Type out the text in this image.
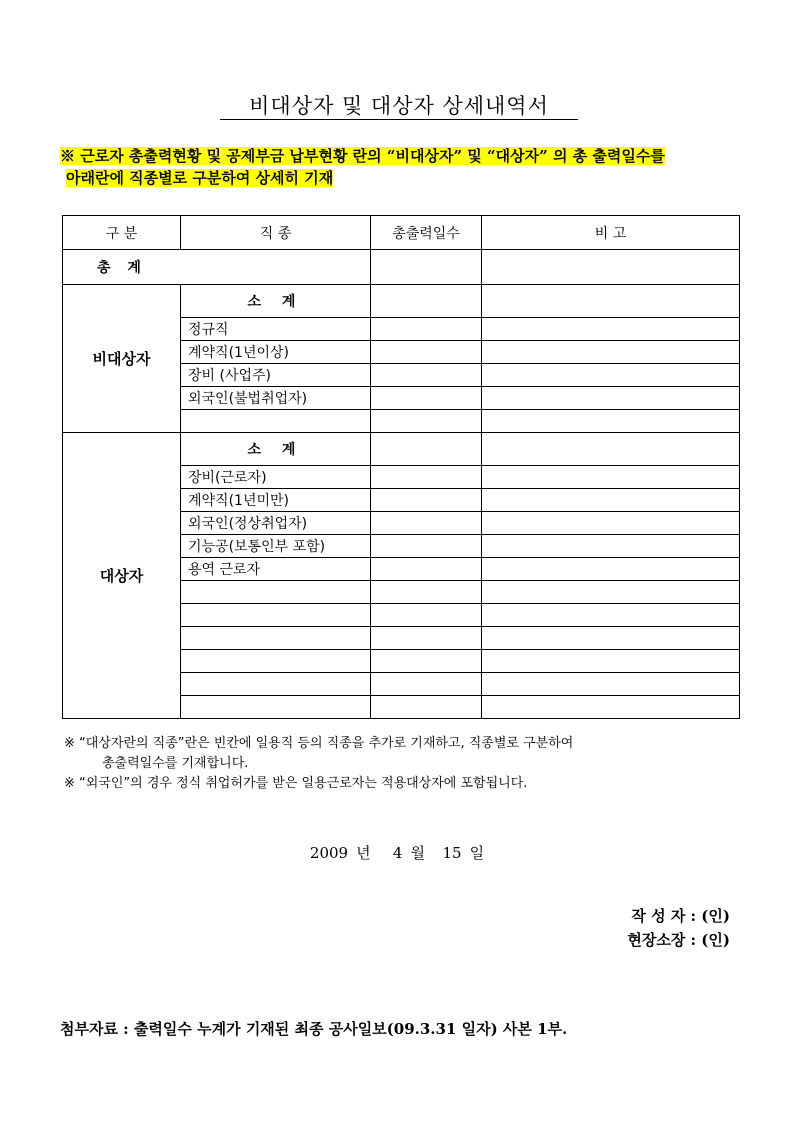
비대상자 및 대상자 상세내역서
※ 근로자 총출력현황 및 공제부금 납부현황 란의 “비대상자” 및 “대상자” 의 총 출력일수를
아래란에 직종별로 구분하여 상세히 기재
구 분	직 종	총출력일수	비 고
총 계			
비대상자	소 계		
	정규직		
	계약직(1년이상)		
	장비 (사업주)		
	외국인(불법취업자)		

대상자	소 계		
	장비(근로자)		
	계약직(1년미만)		
	외국인(정상취업자)		
	기능공(보통인부 포함)		
	용역 근로자		

※ “대상자란의 직종”란은 빈칸에 일용직 등의 직종을 추가로 기재하고, 직종별로 구분하여
총출력일수를 기재합니다.
※ “외국인”의 경우 정식 취업허가를 받은 일용근로자는 적용대상자에 포함됩니다.
2009 년 4 월 15 일
작 성 자 : (인)
현장소장 : (인)
첨부자료 : 출력일수 누계가 기재된 최종 공사일보(09.3.31 일자) 사본 1부.
